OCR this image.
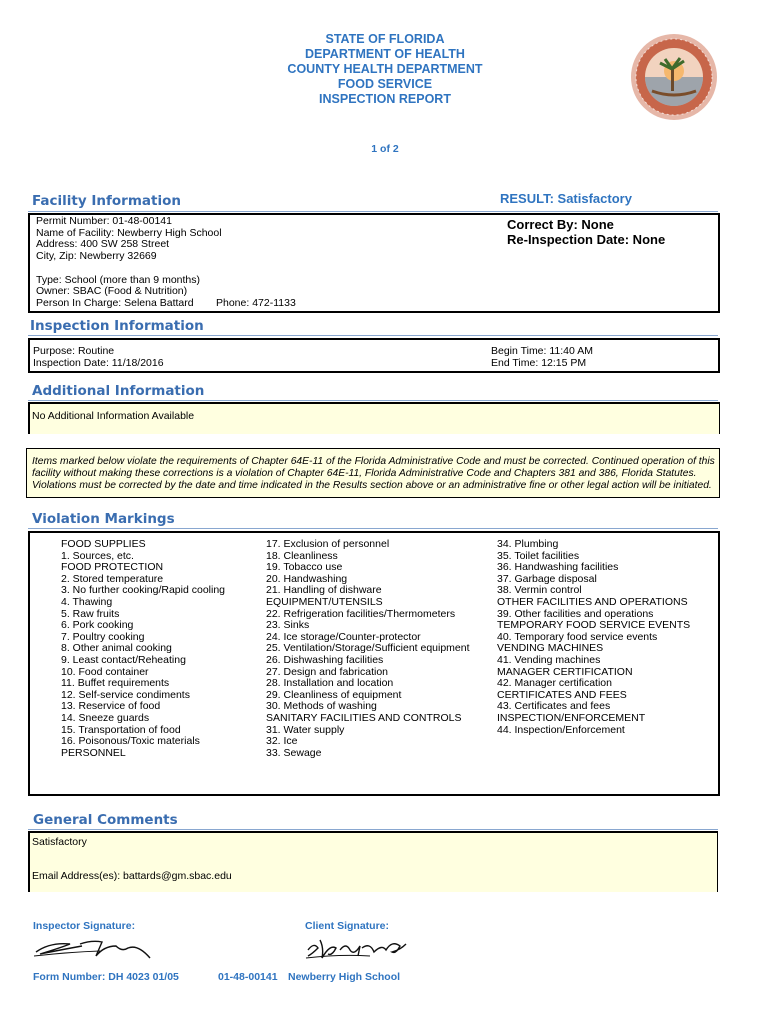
STATE OF FLORIDA
DEPARTMENT OF HEALTH
COUNTY HEALTH DEPARTMENT
FOOD SERVICE
INSPECTION REPORT
1 of 2
Facility Information	RESULT: Satisfactory
Permit Number: 01-48-00141
Name of Facility: Newberry High School
Address: 400 SW 258 Street
City, Zip: Newberry 32669
Type: School (more than 9 months)
Owner: SBAC (Food & Nutrition)
Person In Charge: Selena Battard Phone: 472-1133
Correct By: None
Re-Inspection Date: None
Inspection Information
Purpose: Routine
Inspection Date: 11/18/2016
Begin Time: 11:40 AM
End Time: 12:15 PM
Additional Information
No Additional Information Available
Items marked below violate the requirements of Chapter 64E-11 of the Florida Administrative Code and must be corrected. Continued operation of this
facility without making these corrections is a violation of Chapter 64E-11, Florida Administrative Code and Chapters 381 and 386, Florida Statutes.
Violations must be corrected by the date and time indicated in the Results section above or an administrative fine or other legal action will be initiated.
Violation Markings
FOOD SUPPLIES
1. Sources, etc.
FOOD PROTECTION
2. Stored temperature
3. No further cooking/Rapid cooling
4. Thawing
5. Raw fruits
6. Pork cooking
7. Poultry cooking
8. Other animal cooking
9. Least contact/Reheating
10. Food container
11. Buffet requirements
12. Self-service condiments
13. Reservice of food
14. Sneeze guards
15. Transportation of food
16. Poisonous/Toxic materials
PERSONNEL
17. Exclusion of personnel
18. Cleanliness
19. Tobacco use
20. Handwashing
21. Handling of dishware
EQUIPMENT/UTENSILS
22. Refrigeration facilities/Thermometers
23. Sinks
24. Ice storage/Counter-protector
25. Ventilation/Storage/Sufficient equipment
26. Dishwashing facilities
27. Design and fabrication
28. Installation and location
29. Cleanliness of equipment
30. Methods of washing
SANITARY FACILITIES AND CONTROLS
31. Water supply
32. Ice
33. Sewage
34. Plumbing
35. Toilet facilities
36. Handwashing facilities
37. Garbage disposal
38. Vermin control
OTHER FACILITIES AND OPERATIONS
39. Other facilities and operations
TEMPORARY FOOD SERVICE EVENTS
40. Temporary food service events
VENDING MACHINES
41. Vending machines
MANAGER CERTIFICATION
42. Manager certification
CERTIFICATES AND FEES
43. Certificates and fees
INSPECTION/ENFORCEMENT
44. Inspection/Enforcement
General Comments
Satisfactory
Email Address(es): battards@gm.sbac.edu
Inspector Signature:	Client Signature:
Form Number: DH 4023 01/05	01-48-00141 Newberry High School
